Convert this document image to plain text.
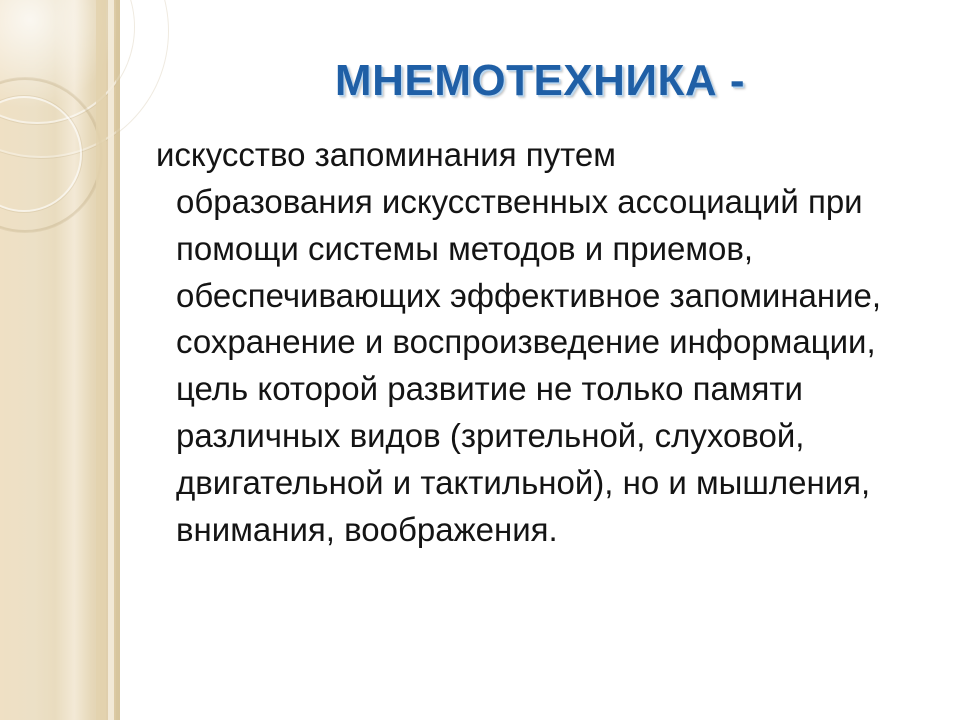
МНЕМОТЕХНИКА -

искусство запоминания путем
образования искусственных ассоциаций при помощи системы методов и приемов, обеспечивающих эффективное запоминание, сохранение и воспроизведение информации, цель которой развитие не только памяти различных видов (зрительной, слуховой, двигательной и тактильной), но и мышления, внимания, воображения.
